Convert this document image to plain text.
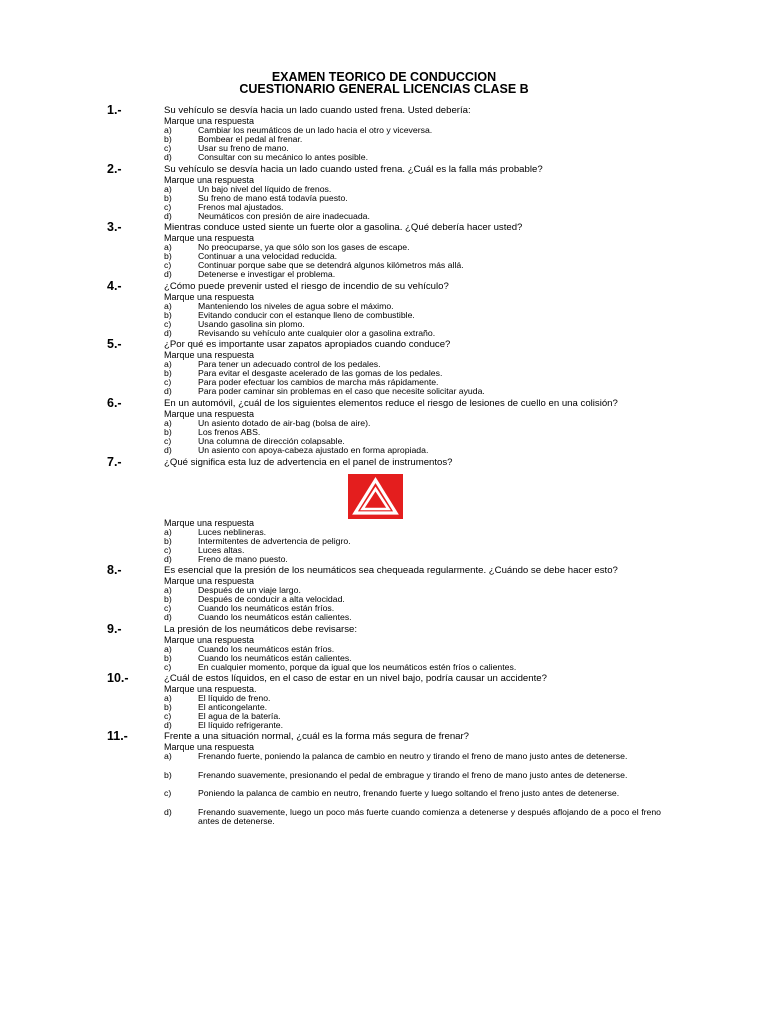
EXAMEN TEORICO DE CONDUCCION
CUESTIONARIO GENERAL LICENCIAS CLASE B
1.-	Su vehículo se desvía hacia un lado cuando usted frena. Usted debería:
Marque una respuesta
a)	Cambiar los neumáticos de un lado hacia el otro y viceversa.
b)	Bombear el pedal al frenar.
c)	Usar su freno de mano.
d)	Consultar con su mecánico lo antes posible.
2.-	Su vehículo se desvía hacia un lado cuando usted frena. ¿Cuál es la falla más probable?
Marque una respuesta
a)	Un bajo nivel del líquido de frenos.
b)	Su freno de mano está todavía puesto.
c)	Frenos mal ajustados.
d)	Neumáticos con presión de aire inadecuada.
3.-	Mientras conduce usted siente un fuerte olor a gasolina. ¿Qué debería hacer usted?
Marque una respuesta
a)	No preocuparse, ya que sólo son los gases de escape.
b)	Continuar a una velocidad reducida.
c)	Continuar porque sabe que se detendrá algunos kilómetros más allá.
d)	Detenerse e investigar el problema.
4.-	¿Cómo puede prevenir usted el riesgo de incendio de su vehículo?
Marque una respuesta
a)	Manteniendo los niveles de agua sobre el máximo.
b)	Evitando conducir con el estanque lleno de combustible.
c)	Usando gasolina sin plomo.
d)	Revisando su vehículo ante cualquier olor a gasolina extraño.
5.-	¿Por qué es importante usar zapatos apropiados cuando conduce?
Marque una respuesta
a)	Para tener un adecuado control de los pedales.
b)	Para evitar el desgaste acelerado de las gomas de los pedales.
c)	Para poder efectuar los cambios de marcha más rápidamente.
d)	Para poder caminar sin problemas en el caso que necesite solicitar ayuda.
6.-	En un automóvil, ¿cuál de los siguientes elementos reduce el riesgo de lesiones de cuello en una colisión?
Marque una respuesta
a)	Un asiento dotado de air-bag (bolsa de aire).
b)	Los frenos ABS.
c)	Una columna de dirección colapsable.
d)	Un asiento con apoya-cabeza ajustado en forma apropiada.
7.-	¿Qué significa esta luz de advertencia en el panel de instrumentos?
Marque una respuesta
a)	Luces neblineras.
b)	Intermitentes de advertencia de peligro.
c)	Luces altas.
d)	Freno de mano puesto.
8.-	Es esencial que la presión de los neumáticos sea chequeada regularmente. ¿Cuándo se debe hacer esto?
Marque una respuesta
a)	Después de un viaje largo.
b)	Después de conducir a alta velocidad.
c)	Cuando los neumáticos están fríos.
d)	Cuando los neumáticos están calientes.
9.-	La presión de los neumáticos debe revisarse:
Marque una respuesta
a)	Cuando los neumáticos están fríos.
b)	Cuando los neumáticos están calientes.
c)	En cualquier momento, porque da igual que los neumáticos estén fríos o calientes.
10.-	¿Cuál de estos líquidos, en el caso de estar en un nivel bajo, podría causar un accidente?
Marque una respuesta.
a)	El líquido de freno.
b)	El anticongelante.
c)	El agua de la batería.
d)	El líquido refrigerante.
11.-	Frente a una situación normal, ¿cuál es la forma más segura de frenar?
Marque una respuesta
a)	Frenando fuerte, poniendo la palanca de cambio en neutro y tirando el freno de mano justo antes de detenerse.
b)	Frenando suavemente, presionando el pedal de embrague y tirando el freno de mano justo antes de detenerse.
c)	Poniendo la palanca de cambio en neutro, frenando fuerte y luego soltando el freno justo antes de detenerse.
d)	Frenando suavemente, luego un poco más fuerte cuando comienza a detenerse y después aflojando de a poco el freno antes de detenerse.
